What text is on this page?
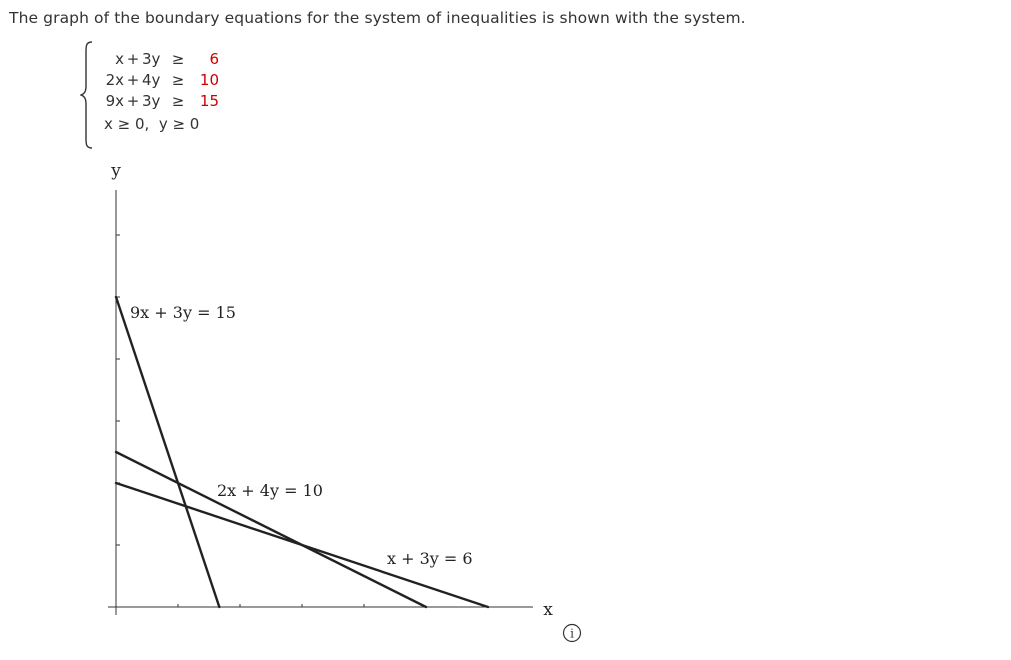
The graph of the boundary equations for the system of inequalities is shown with the system.
x + 3y ≥	6
2x + 4y ≥	10
9x + 3y ≥	15
x ≥ 0,  y ≥ 0
x
y
9x + 3y = 15
2x + 4y = 10
x + 3y = 6
i
